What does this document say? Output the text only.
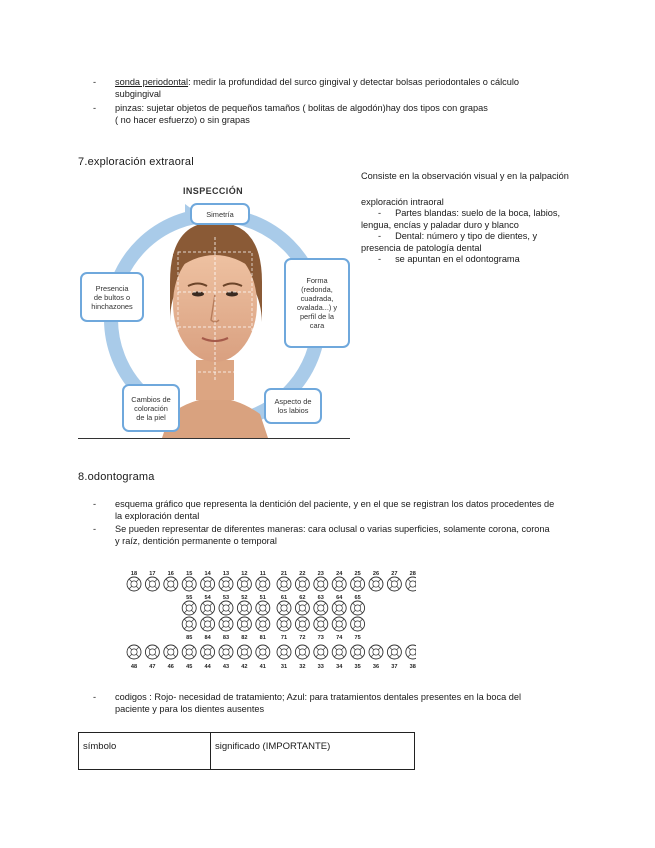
- sonda periodontal: medir la profundidad del surco gingival y detectar bolsas periodontales o cálculo
subgingival
- pinzas: sujetar objetos de pequeños tamaños ( bolitas de algodón)hay dos tipos con grapas
( no hacer esfuerzo) o sin grapas
7.exploración extraoral
Consiste en la observación visual y en la palpación
exploración intraoral
- Partes blandas: suelo de la boca, labios,
lengua, encías y paladar duro y blanco
- Dental: número y tipo de dientes, y
presencia de patología dental
- se apuntan en el odontograma
INSPECCIÓN
Simetría
Forma
(redonda,
cuadrada,
ovalada...) y
perfil de la
cara
Presencia
de bultos o
hinchazones
Cambios de
coloración
de la piel
Aspecto de
los labios
8.odontograma
- esquema gráfico que representa la dentición del paciente, y en el que se registran los datos procedentes de
la exploración dental
- Se pueden representar de diferentes maneras: cara oclusal o varias superficies, solamente corona, corona
y raíz, dentición permanente o temporal
18 17 16 15 14 13 12 11	21 22 23 24 25 26 27 28
55 54 53 52 51	61 62 63 64 65
85 84 83 82 81	71 72 73 74 75
48 47 46 45 44 43 42 41	31 32 33 34 35 36 37 38
- codigos : Rojo- necesidad de tratamiento; Azul: para tratamientos dentales presentes en la boca del
paciente y para los dientes ausentes
símbolo	significado (IMPORTANTE)
